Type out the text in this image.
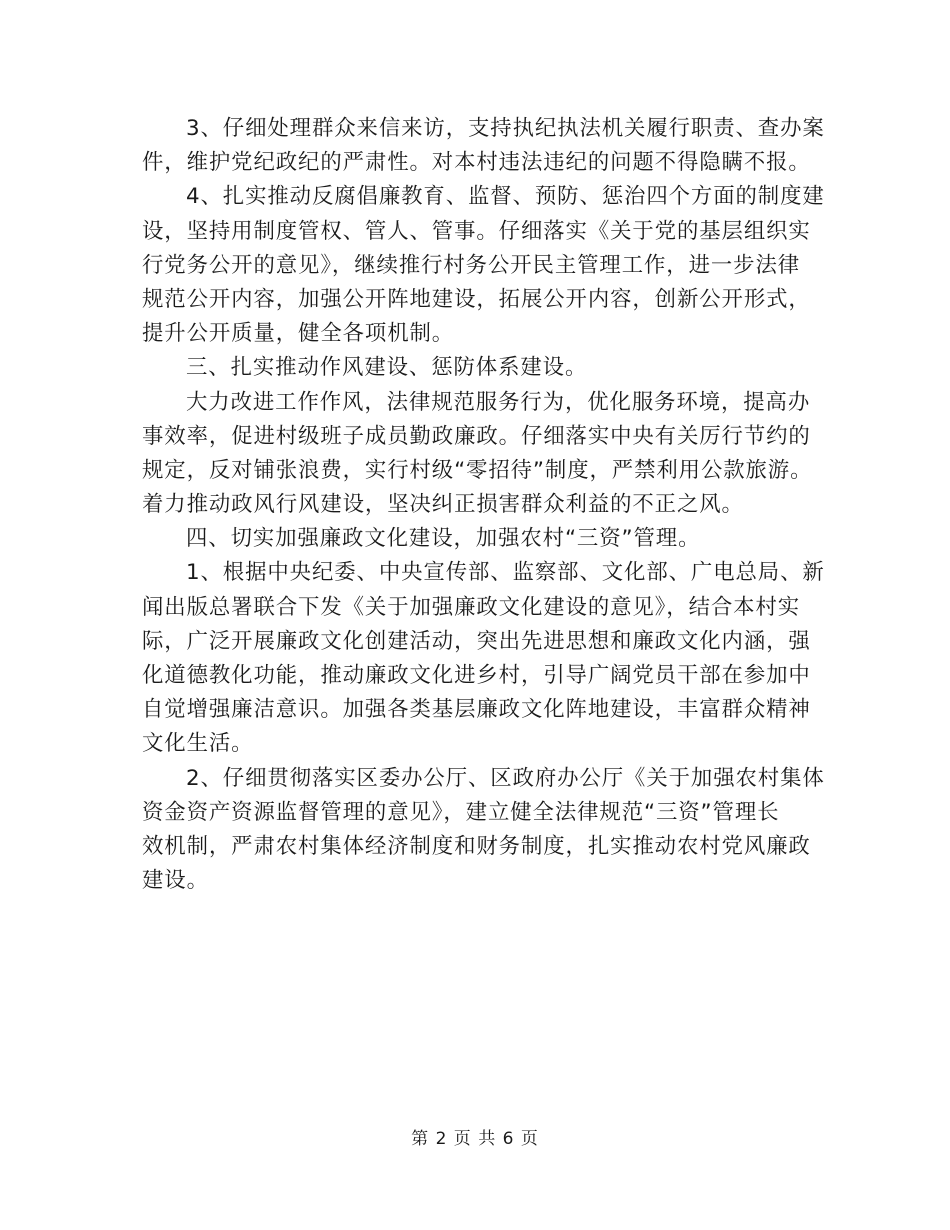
3、仔细处理群众来信来访，支持执纪执法机关履行职责、查办案
件，维护党纪政纪的严肃性。对本村违法违纪的问题不得隐瞒不报。
4、扎实推动反腐倡廉教育、监督、预防、惩治四个方面的制度建
设，坚持用制度管权、管人、管事。仔细落实《关于党的基层组织实
行党务公开的意见》，继续推行村务公开民主管理工作，进一步法律
规范公开内容，加强公开阵地建设，拓展公开内容，创新公开形式，
提升公开质量，健全各项机制。
三、扎实推动作风建设、惩防体系建设。
大力改进工作作风，法律规范服务行为，优化服务环境，提高办
事效率，促进村级班子成员勤政廉政。仔细落实中央有关厉行节约的
规定，反对铺张浪费，实行村级“零招待”制度，严禁利用公款旅游。
着力推动政风行风建设，坚决纠正损害群众利益的不正之风。
四、切实加强廉政文化建设，加强农村“三资”管理。
1、根据中央纪委、中央宣传部、监察部、文化部、广电总局、新
闻出版总署联合下发《关于加强廉政文化建设的意见》，结合本村实
际，广泛开展廉政文化创建活动，突出先进思想和廉政文化内涵，强
化道德教化功能，推动廉政文化进乡村，引导广阔党员干部在参加中
自觉增强廉洁意识。加强各类基层廉政文化阵地建设，丰富群众精神
文化生活。
2、仔细贯彻落实区委办公厅、区政府办公厅《关于加强农村集体
资金资产资源监督管理的意见》，建立健全法律规范“三资”管理长
效机制，严肃农村集体经济制度和财务制度，扎实推动农村党风廉政
建设。
第 2 页 共 6 页
